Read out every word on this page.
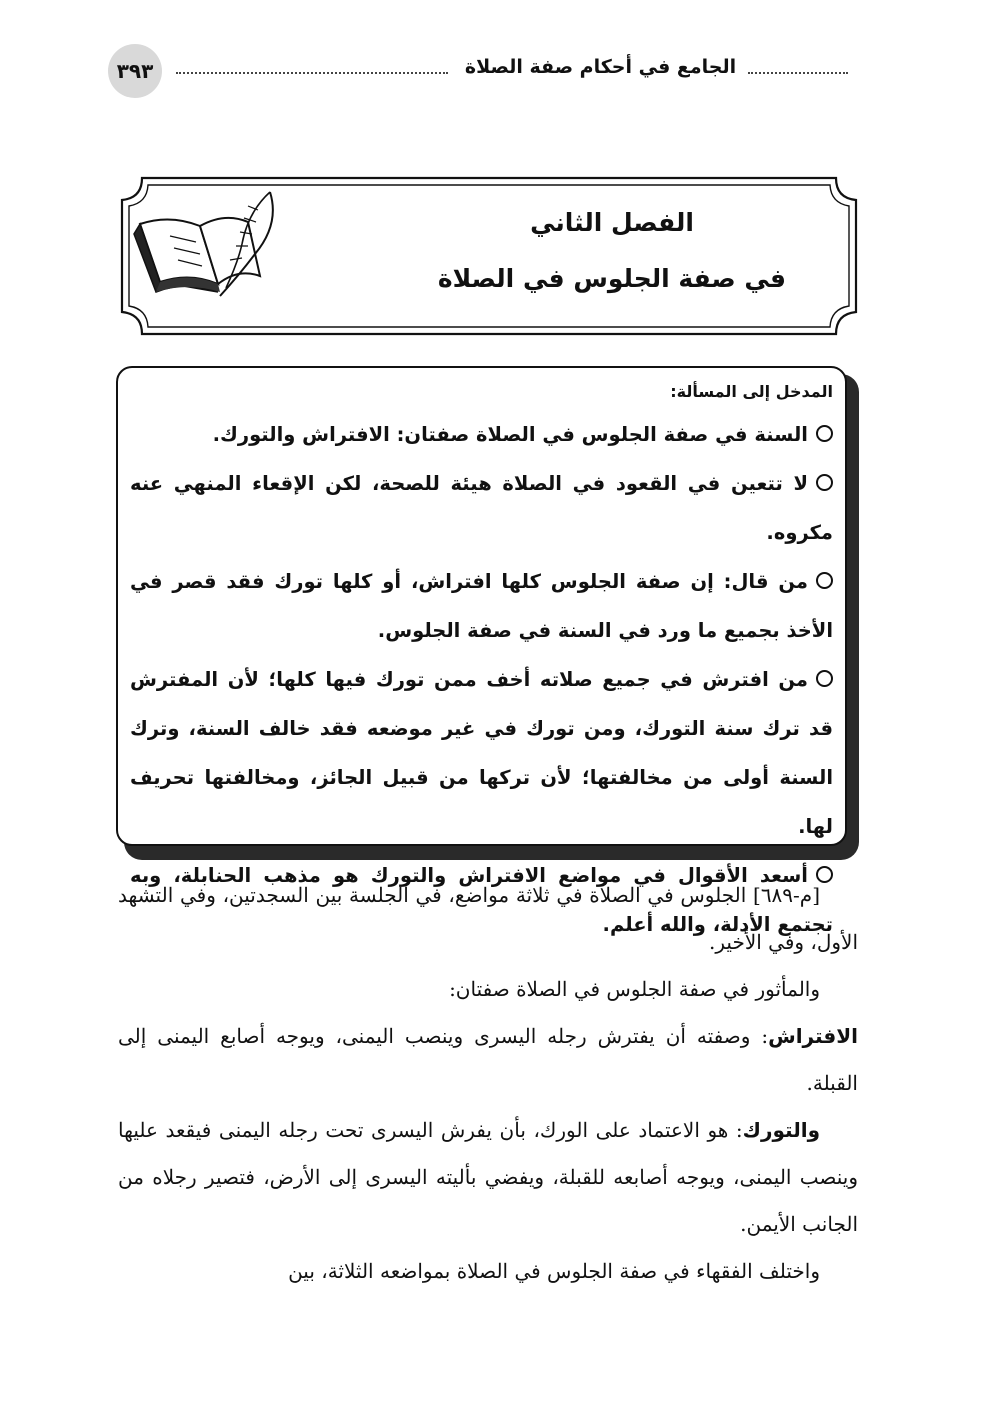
٣٩٣	الجامع في أحكام صفة الصلاة
الفصل الثاني
في صفة الجلوس في الصلاة
المدخل إلى المسألة:
السنة في صفة الجلوس في الصلاة صفتان: الافتراش والتورك.
لا تتعين في القعود في الصلاة هيئة للصحة، لكن الإقعاء المنهي عنه مكروه.
من قال: إن صفة الجلوس كلها افتراش، أو كلها تورك فقد قصر في الأخذ بجميع ما ورد في السنة في صفة الجلوس.
من افترش في جميع صلاته أخف ممن تورك فيها كلها؛ لأن المفترش قد ترك سنة التورك، ومن تورك في غير موضعه فقد خالف السنة، وترك السنة أولى من مخالفتها؛ لأن تركها من قبيل الجائز، ومخالفتها تحريف لها.
أسعد الأقوال في مواضع الافتراش والتورك هو مذهب الحنابلة، وبه تجتمع الأدلة، والله أعلم.

[م-٦٨٩] الجلوس في الصلاة في ثلاثة مواضع، في الجلسة بين السجدتين، وفي التشهد الأول، وفي الأخير.

والمأثور في صفة الجلوس في الصلاة صفتان:

الافتراش: وصفته أن يفترش رجله اليسرى وينصب اليمنى، ويوجه أصابع اليمنى إلى القبلة.

والتورك: هو الاعتماد على الورك، بأن يفرش اليسرى تحت رجله اليمنى فيقعد عليها وينصب اليمنى، ويوجه أصابعه للقبلة، ويفضي بأليته اليسرى إلى الأرض، فتصير رجلاه من الجانب الأيمن.

واختلف الفقهاء في صفة الجلوس في الصلاة بمواضعه الثلاثة، بين
